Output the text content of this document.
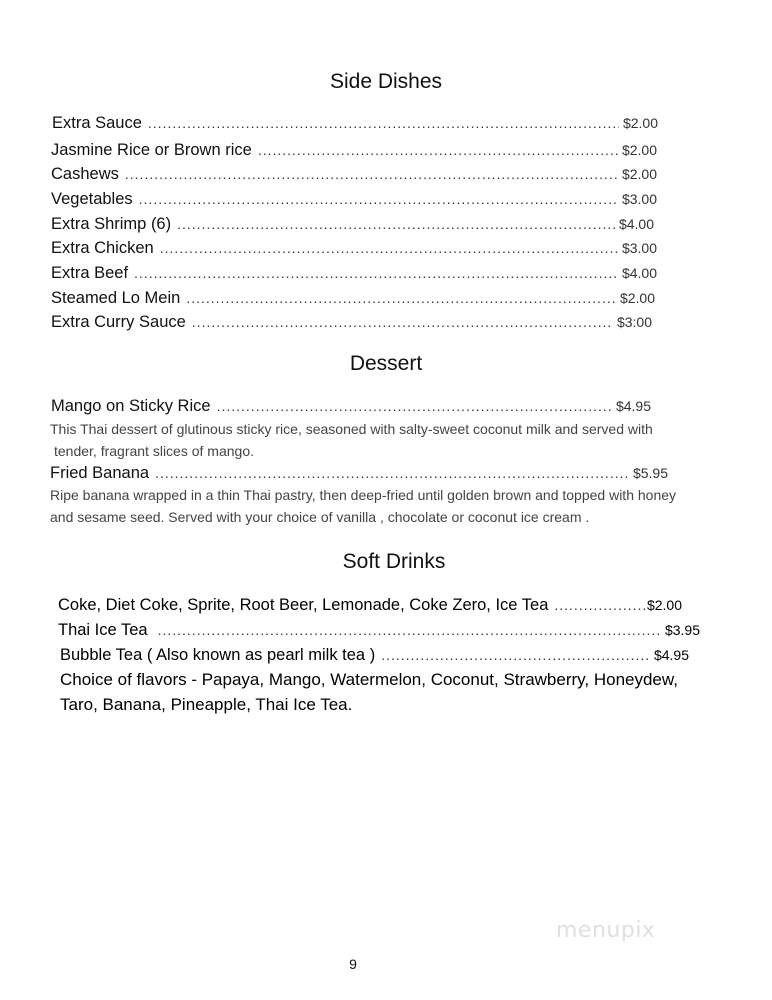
Side Dishes
Extra Sauce .....	$2.00
Jasmine Rice or Brown rice .....	$2.00
Cashews .....	$2.00
Vegetables .....	$3.00
Extra Shrimp (6) .....	$4.00
Extra Chicken .....	$3.00
Extra Beef .....	$4.00
Steamed Lo Mein .....	$2.00
Extra Curry Sauce .....	$3:00
Dessert
Mango on Sticky Rice .....	$4.95
This Thai dessert of glutinous sticky rice, seasoned with salty-sweet coconut milk and served with
tender, fragrant slices of mango.
Fried Banana .....	$5.95
Ripe banana wrapped in a thin Thai pastry, then deep-fried until golden brown and topped with honey
and sesame seed. Served with your choice of vanilla , chocolate or coconut ice cream .
Soft Drinks
Coke, Diet Coke, Sprite, Root Beer, Lemonade, Coke Zero, Ice Tea .....	$2.00
Thai Ice Tea .....	$3.95
Bubble Tea ( Also known as pearl milk tea ) .....	$4.95
Choice of flavors - Papaya, Mango, Watermelon, Coconut, Strawberry, Honeydew,
Taro, Banana, Pineapple, Thai Ice Tea.
9
menupix
